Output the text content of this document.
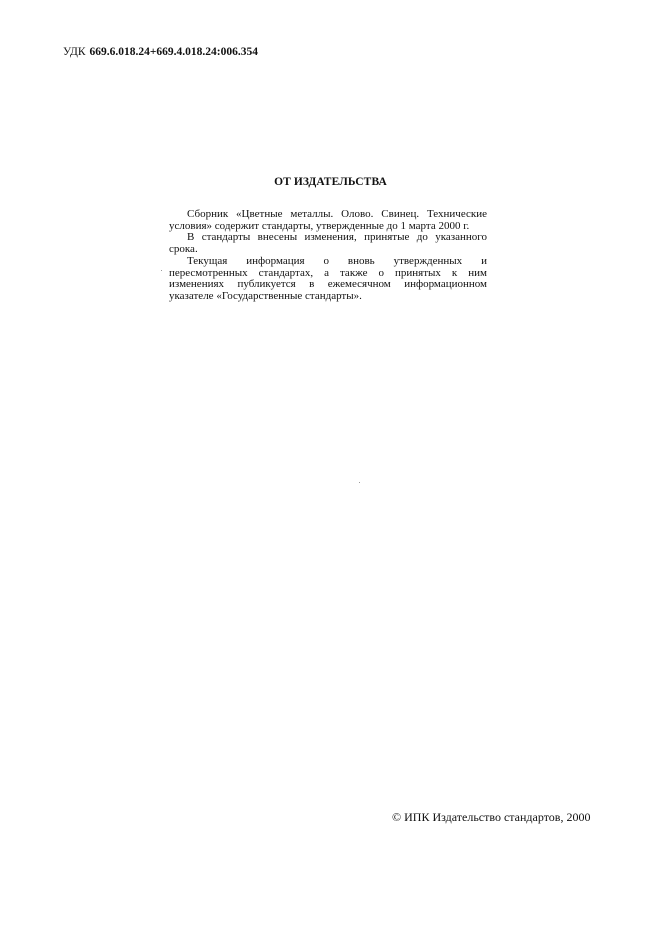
УДК 669.6.018.24+669.4.018.24:006.354
ОТ ИЗДАТЕЛЬСТВА

Сборник «Цветные металлы. Олово. Свинец. Технические условия» содержит стандарты, утвержденные до 1 марта 2000 г.

В стандарты внесены изменения, принятые до указанного срока.

Текущая информация о вновь утвержденных и пересмотренных стандартах, а также о принятых к ним изменениях публикуется в ежемесячном информационном указателе «Государственные стандарты».

© ИПК Издательство стандартов, 2000
